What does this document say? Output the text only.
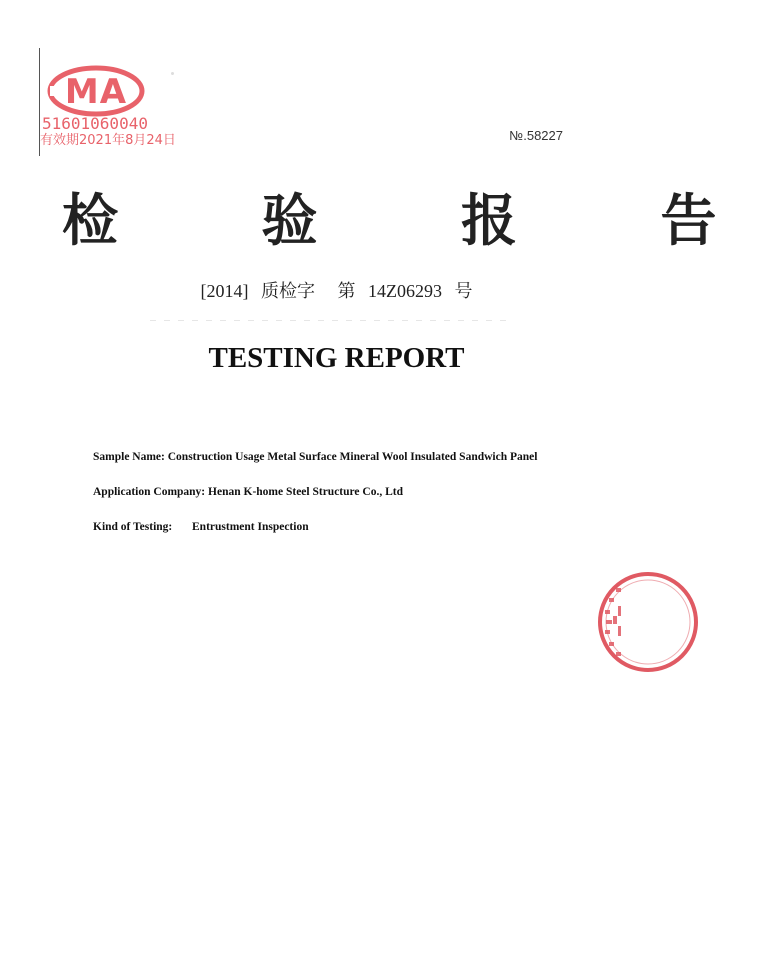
MA
51601060040
有效期2021年8月24日	№.58227
检 验 报 告
[2014] 质检字 第 14Z06293 号
TESTING REPORT
Sample Name: Construction Usage Metal Surface Mineral Wool Insulated Sandwich Panel
Application Company: Henan K-home Steel Structure Co., Ltd
Kind of Testing: Entrustment Inspection
